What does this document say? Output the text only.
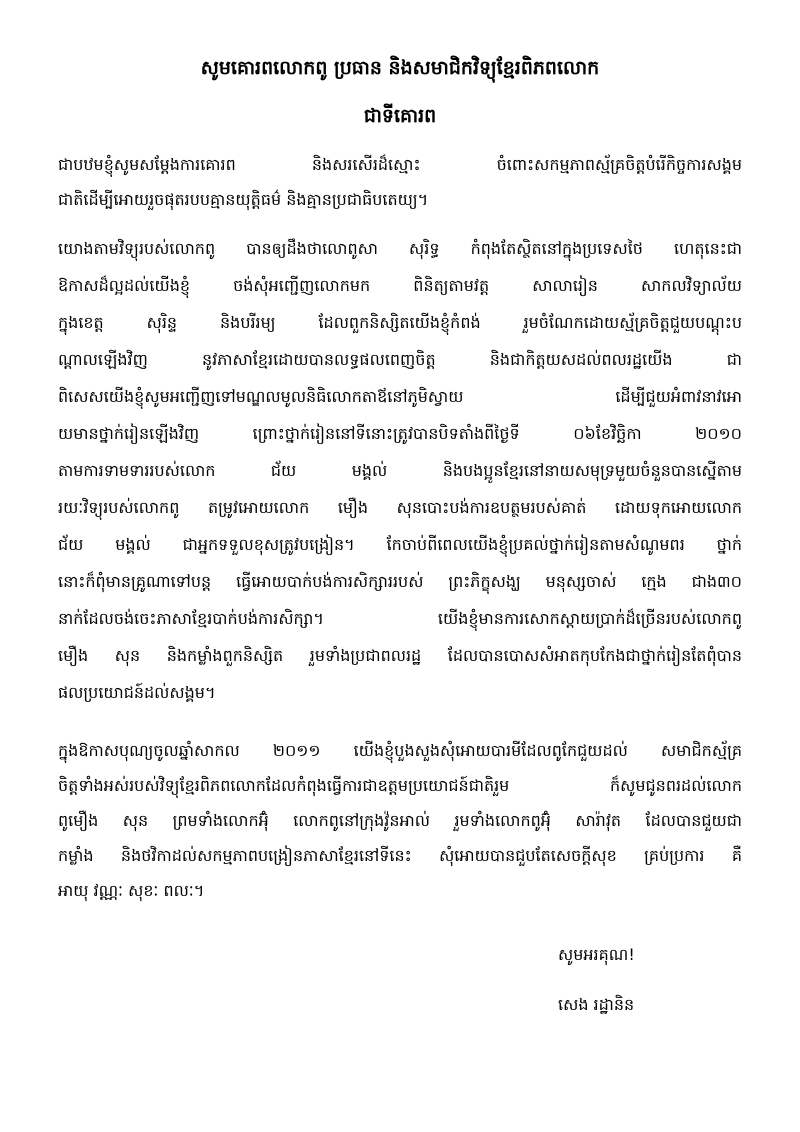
សូមគោរពលោកពូ ប្រធាន និងសមាជិកវិទ្យុខ្មែរពិភពលោក
ជាទីគោរព
ជាបឋមខ្ញុំសូមសម្តែងការគោរព និងសរសើរដ៏ស្មោះ ចំពោះសកម្មភាពស្ម័គ្រចិត្តបំរើកិច្ចការសង្គម
ជាតិដើម្បីអោយរួចផុតរបបគ្មានយុត្តិធម៌ និងគ្មានប្រជាធិបតេយ្យ។
យោងតាមវិទ្យុរបស់លោកពូ បានឲ្យដឹងថាលោពូសា សុរិទ្ធ កំពុងតែស្ថិតនៅក្នុងប្រទេសថៃ ហេតុនេះជា
ឱកាសដ៏ល្អដល់យើងខ្ញុំ ចង់សុំអញ្ជើញលោកមក ពិនិត្យតាមវត្ត សាលារៀន សាកលវិទ្យាល័យ
ក្នុងខេត្ត សុរិន្ទ និងបរីរម្យ ដែលពួកនិស្សិតយើងខ្ញុំកំពង់ រួមចំណែកដោយស្ម័គ្រចិត្តជួយបណ្តុះប
ណ្តាលឡើងវិញ នូវភាសាខ្មែរដោយបានលទ្ធផលពេញចិត្ត និងជាកិត្តយសដល់ពលរដ្ឋយើង ជា
ពិសេសយើងខ្ញុំសូមអញ្ជើញទៅមណ្ឌលមូលនិធិលោកតាឪនៅភូមិស្វាយ ដើម្បីជួយអំពាវនាវអោ
យមានថ្នាក់រៀនឡើងវិញ ព្រោះថ្នាក់រៀននៅទីនោះត្រូវបានបិទតាំងពីថ្ងៃទី ០៦ខែវិច្ឆិកា ២០១០
តាមការទាមទាររបស់លោក ជ័យ មង្គល់ និងបងប្អូនខ្មែរនៅនាយសមុទ្រមួយចំនួនបានស្នើតាម
រយៈវិទ្យុរបស់លោកពូ តម្រូវអោយលោក មឿង សុនបោះបង់ការឧបត្ថមរបស់គាត់ ដោយទុកអោយលោក
ជ័យ មង្គល់ ជាអ្នកទទួលខុសត្រូវបង្រៀន។ កែចាប់ពីពេលយើងខ្ញុំប្រគល់ថ្នាក់រៀនតាមសំណូមពរ ថ្នាក់
នោះក៏ពុំមានគ្រូណាទៅបន្ត ធ្វើអោយបាក់បង់ការសិក្សាររបស់ ព្រះភិក្ខុសង្ឃ មនុស្សចាស់ ក្មេង ជាង៣០
នាក់ដែលចង់ចេះភាសាខ្មែរបាក់បង់ការសិក្សា។ យើងខ្ញុំមានការសោកស្តាយប្រាក់ដ៏ច្រើនរបស់លោកពូ
មឿង សុន និងកម្លាំងពួកនិស្សិត រួមទាំងប្រជាពលរដ្ឋ ដែលបានបោសសំអាតកុបកែងជាថ្នាក់រៀនតែពុំបាន
ផលប្រយោជន៍ដល់សង្គម។
ក្នុងឱកាសបុណ្យចូលឆ្នាំសាកល ២០១១ យើងខ្ញុំបួងសួងសុំអោយបារមីដែលពូកែជួយដល់ សមាជិកស្ម័គ្រ
ចិត្តទាំងអស់របស់វិទ្យុខ្មែរពិភពលោកដែលកំពុងធ្វើការជាឧត្តមប្រយោជន៍ជាតិរួម ក៏សូមជូនពរដល់លោក
ពូមឿង សុន ព្រមទាំងលោកអ៊ុំ លោកពូនៅក្រុងវ៉ូនអាល់ រួមទាំងលោកពូអ៊ុំ សារ៉ាវុត ដែលបានជួយជា
កម្លាំង និងថវិកាដល់សកម្មភាពបង្រៀនភាសាខ្មែរនៅទីនេះ សុំអោយបានជួបតែសេចក្តីសុខ គ្រប់ប្រការ គឺ
អាយុ វណ្ណៈ សុខៈ ពលៈ។
សូមអរគុណ!
សេង រដ្ឋានិន
